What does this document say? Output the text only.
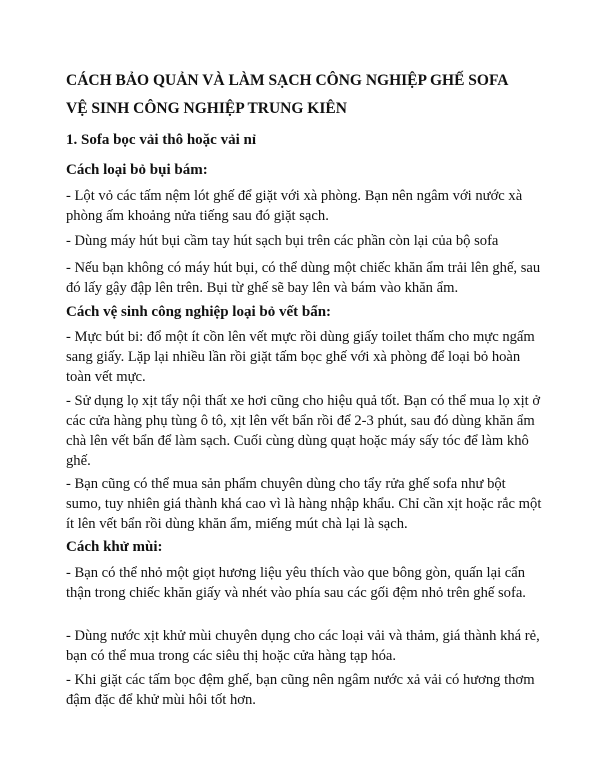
CÁCH BẢO QUẢN VÀ LÀM SẠCH CÔNG NGHIỆP GHẾ SOFA
VỆ SINH CÔNG NGHIỆP TRUNG KIÊN
1. Sofa bọc vải thô hoặc vải nỉ
Cách loại bỏ bụi bám:
- Lột vỏ các tấm nệm lót ghế để giặt với xà phòng. Bạn nên ngâm với nước xà phòng ấm khoảng nửa tiếng sau đó giặt sạch.
- Dùng máy hút bụi cầm tay hút sạch bụi trên các phần còn lại của bộ sofa
- Nếu bạn không có máy hút bụi, có thể dùng một chiếc khăn ẩm trải lên ghế, sau đó lấy gậy đập lên trên. Bụi từ ghế sẽ bay lên và bám vào khăn ẩm.
Cách vệ sinh công nghiệp loại bỏ vết bẩn:
- Mực bút bi: đổ một ít cồn lên vết mực rồi dùng giấy toilet thấm cho mực ngấm sang giấy. Lặp lại nhiều lần rồi giặt tấm bọc ghế với xà phòng để loại bỏ hoàn toàn vết mực.
- Sử dụng lọ xịt tẩy nội thất xe hơi cũng cho hiệu quả tốt. Bạn có thể mua lọ xịt ở các cửa hàng phụ tùng ô tô, xịt lên vết bẩn rồi để 2-3 phút, sau đó dùng khăn ẩm chà lên vết bẩn để làm sạch. Cuối cùng dùng quạt hoặc máy sấy tóc để làm khô ghế.
- Bạn cũng có thể mua sản phẩm chuyên dùng cho tẩy rửa ghế sofa như bột sumo, tuy nhiên giá thành khá cao vì là hàng nhập khẩu. Chỉ cần xịt hoặc rắc một ít lên vết bẩn rồi dùng khăn ẩm, miếng mút chà lại là sạch.
Cách khử mùi:
- Bạn có thể nhỏ một giọt hương liệu yêu thích vào que bông gòn, quấn lại cẩn thận trong chiếc khăn giấy và nhét vào phía sau các gối đệm nhỏ trên ghế sofa.
- Dùng nước xịt khử mùi chuyên dụng cho các loại vải và thảm, giá thành khá rẻ, bạn có thể mua trong các siêu thị hoặc cửa hàng tạp hóa.
- Khi giặt các tấm bọc đệm ghế, bạn cũng nên ngâm nước xả vải có hương thơm đậm đặc để khử mùi hôi tốt hơn.
